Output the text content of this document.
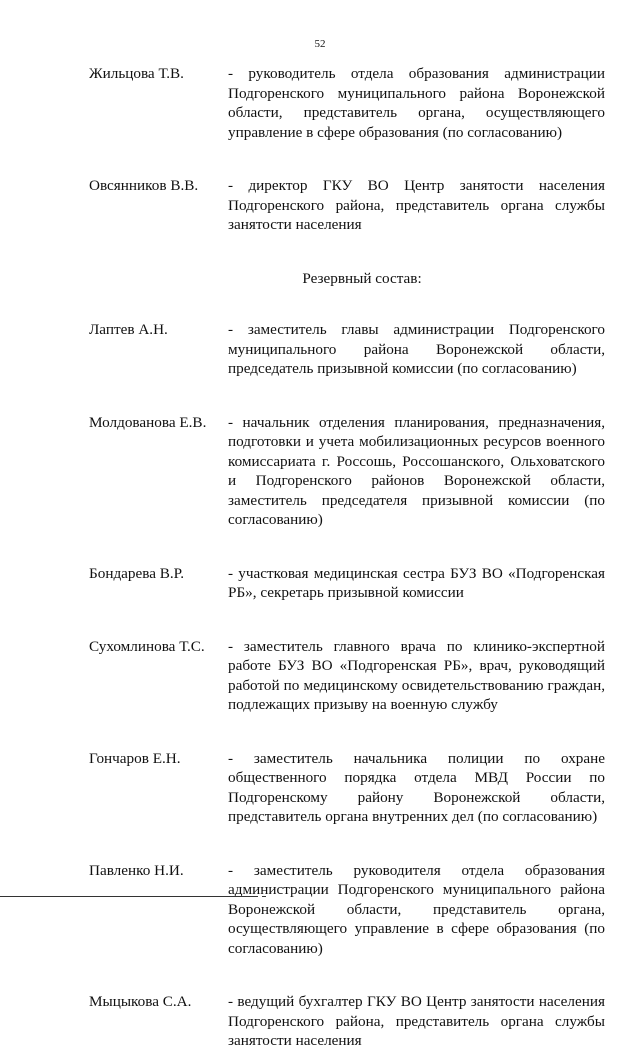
52
Жильцова Т.В.	- руководитель отдела образования администрации Подгоренского муниципального района Воронежской области, представитель органа, осуществляющего управление в сфере образования (по согласованию)
Овсянников В.В.	- директор ГКУ ВО Центр занятости населения Подгоренского района, представитель органа службы занятости населения
Резервный состав:
Лаптев А.Н.	- заместитель главы администрации Подгоренского муниципального района Воронежской области, председатель призывной комиссии (по согласованию)
Молдованова Е.В.	- начальник отделения планирования, предназначения, подготовки и учета мобилизационных ресурсов военного комиссариата г. Россошь, Россошанского, Ольховатского и Подгоренского районов Воронежской области, заместитель председателя призывной комиссии (по согласованию)
Бондарева В.Р.	- участковая медицинская сестра БУЗ ВО «Подгоренская РБ», секретарь призывной комиссии
Сухомлинова Т.С.	- заместитель главного врача по клинико-экспертной работе БУЗ ВО «Подгоренская РБ», врач, руководящий работой по медицинскому освидетельствованию граждан, подлежащих призыву на военную службу
Гончаров Е.Н.	- заместитель начальника полиции по охране общественного порядка отдела МВД России по Подгоренскому району Воронежской области, представитель органа внутренних дел (по согласованию)
Павленко Н.И.	- заместитель руководителя отдела образования администрации Подгоренского муниципального района Воронежской области, представитель органа, осуществляющего управление в сфере образования (по согласованию)
Мыцыкова С.А.	- ведущий бухгалтер ГКУ ВО Центр занятости населения Подгоренского района, представитель органа службы занятости населения
